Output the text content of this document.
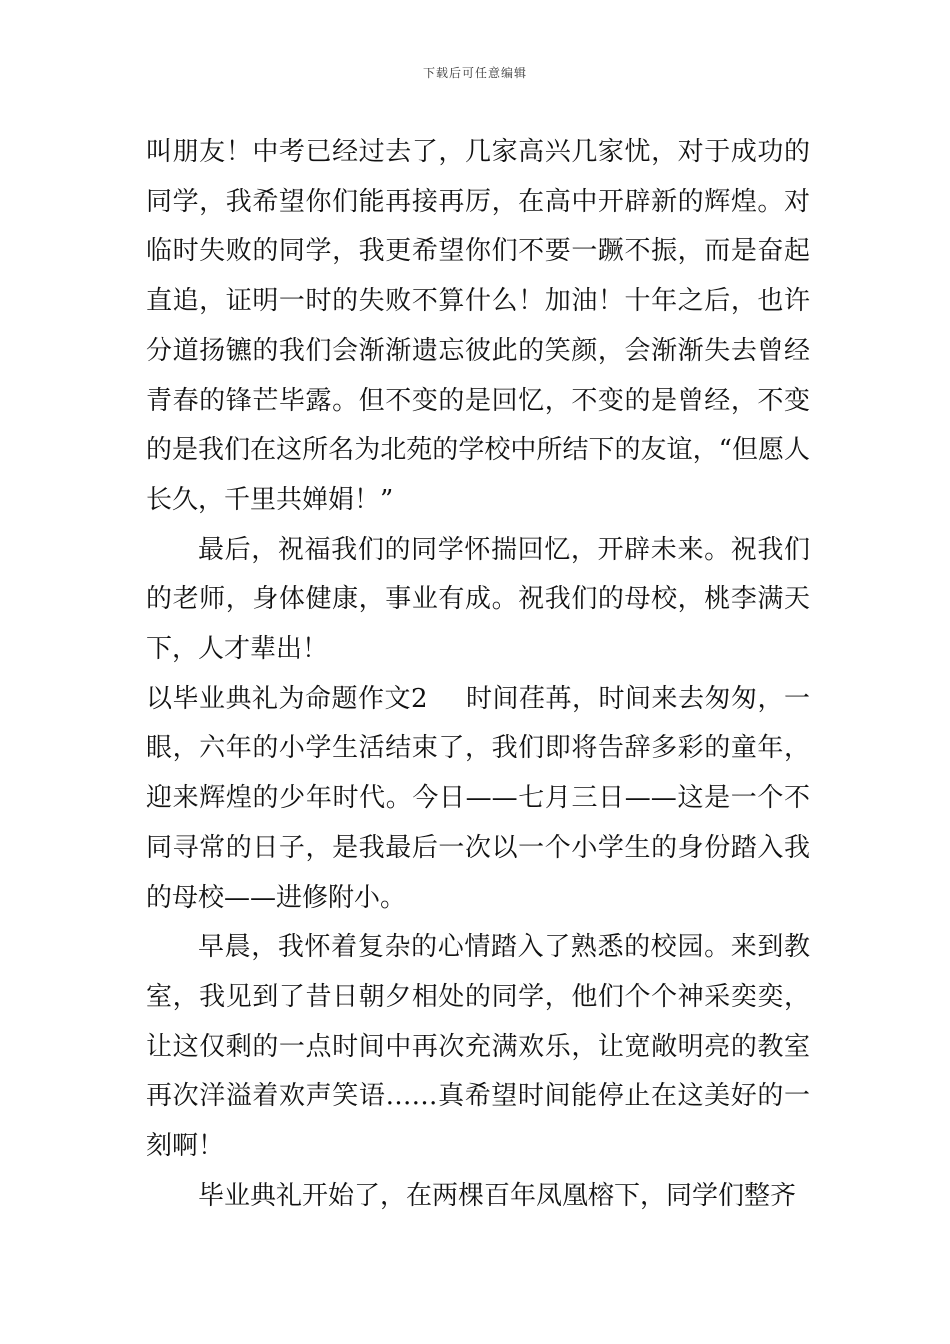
下载后可任意编辑

叫朋友！中考已经过去了，几家高兴几家忧，对于成功的同学，我希望你们能再接再厉，在高中开辟新的辉煌。对临时失败的同学，我更希望你们不要一蹶不振，而是奋起直追，证明一时的失败不算什么！加油！十年之后，也许分道扬镳的我们会渐渐遗忘彼此的笑颜，会渐渐失去曾经青春的锋芒毕露。但不变的是回忆，不变的是曾经，不变的是我们在这所名为北苑的学校中所结下的友谊，“但愿人长久，千里共婵娟！”

最后，祝福我们的同学怀揣回忆，开辟未来。祝我们的老师，身体健康，事业有成。祝我们的母校，桃李满天下，人才辈出！

以毕业典礼为命题作文2 时间荏苒，时间来去匆匆，一眼，六年的小学生活结束了，我们即将告辞多彩的童年，迎来辉煌的少年时代。今日——七月三日——这是一个不同寻常的日子，是我最后一次以一个小学生的身份踏入我的母校——进修附小。

早晨，我怀着复杂的心情踏入了熟悉的校园。来到教室，我见到了昔日朝夕相处的同学，他们个个神采奕奕，让这仅剩的一点时间中再次充满欢乐，让宽敞明亮的教室再次洋溢着欢声笑语……真希望时间能停止在这美好的一刻啊！

毕业典礼开始了，在两棵百年凤凰榕下，同学们整齐
